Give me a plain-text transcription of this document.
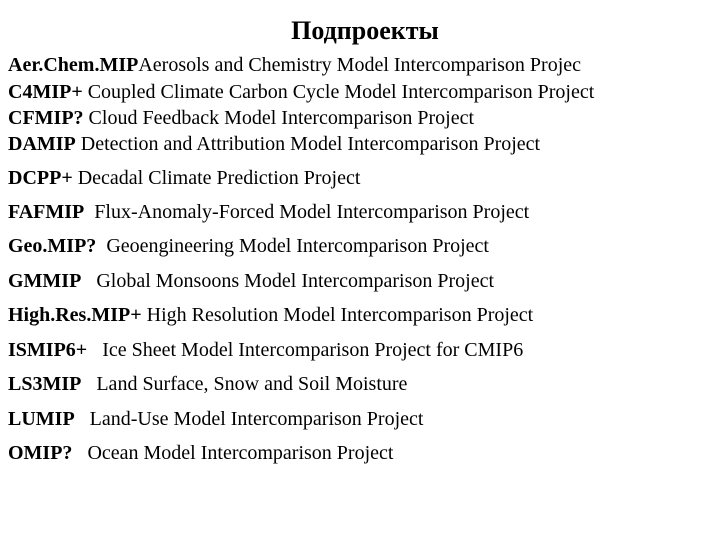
Подпроекты
Aer.Chem.MIPAerosols and Chemistry Model Intercomparison Projec
C4MIP+ Coupled Climate Carbon Cycle Model Intercomparison Project
CFMIP? Cloud Feedback Model Intercomparison Project
DAMIP Detection and Attribution Model Intercomparison Project
DCPP+ Decadal Climate Prediction Project
FAFMIP Flux-Anomaly-Forced Model Intercomparison Project
Geo.MIP? Geoengineering Model Intercomparison Project
GMMIP Global Monsoons Model Intercomparison Project
High.Res.MIP+ High Resolution Model Intercomparison Project
ISMIP6+ Ice Sheet Model Intercomparison Project for CMIP6
LS3MIP Land Surface, Snow and Soil Moisture
LUMIP Land-Use Model Intercomparison Project
OMIP? Ocean Model Intercomparison Project
